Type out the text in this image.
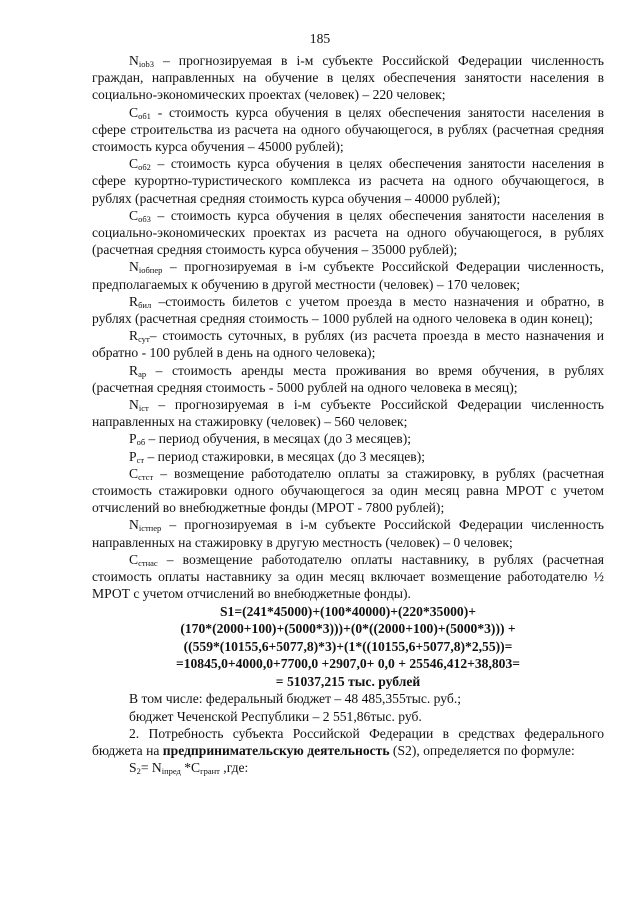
185

$N_{iob3}$ – прогнозируемая в i-м субъекте Российской Федерации численность граждан, направленных на обучение в целях обеспечения занятости населения в социально-экономических проектах (человек) – 220 человек;

$С_{об1}$ - стоимость курса обучения в целях обеспечения занятости населения в сфере строительства из расчета на одного обучающегося, в рублях (расчетная средняя стоимость курса обучения – 45000 рублей);

$С_{об2}$ – стоимость курса обучения в целях обеспечения занятости населения в сфере курортно-туристического комплекса из расчета на одного обучающегося, в рублях (расчетная средняя стоимость курса обучения – 40000 рублей);

$С_{об3}$ – стоимость курса обучения в целях обеспечения занятости населения в социально-экономических проектах из расчета на одного обучающегося, в рублях (расчетная средняя стоимость курса обучения – 35000 рублей);

$N_{iобпер}$ – прогнозируемая в i-м субъекте Российской Федерации численность, предполагаемых к обучению в другой местности (человек) – 170 человек;

$R_{бил}$ –стоимость билетов с учетом проезда в место назначения и обратно, в рублях (расчетная средняя стоимость – 1000 рублей на одного человека в один конец);

$R_{сут}-$ стоимость суточных, в рублях (из расчета проезда в место назначения и обратно - 100 рублей в день на одного человека);

$R_{ар}$ – стоимость аренды места проживания во время обучения, в рублях (расчетная средняя стоимость - 5000 рублей на одного человека в месяц);

$N_{iст}$ – прогнозируемая в i-м субъекте Российской Федерации численность направленных на стажировку (человек) – 560 человек;

$Р_{об}$ – период обучения, в месяцах (до 3 месяцев);

$Р_{ст}$ – период стажировки, в месяцах (до 3 месяцев);

$С_{стст}$ – возмещение работодателю оплаты за стажировку, в рублях (расчетная стоимость стажировки одного обучающегося за один месяц равна МРОТ с учетом отчислений во внебюджетные фонды (МРОТ - 7800 рублей);

$N_{iстпер}$ – прогнозируемая в i-м субъекте Российской Федерации численность направленных на стажировку в другую местность (человек) – 0 человек;

$С_{стнас}$ – возмещение работодателю оплаты наставнику, в рублях (расчетная стоимость оплаты наставнику за один месяц включает возмещение работодателю ½ МРОТ с учетом отчислений во внебюджетные фонды).

S1=(241*45000)+(100*40000)+(220*35000)+

(170*(2000+100)+(5000*3)))+(0*((2000+100)+(5000*3))) +

((559*(10155,6+5077,8)*3)+(1*((10155,6+5077,8)*2,55))=

=10845,0+4000,0+7700,0 +2907,0+ 0,0 + 25546,412+38,803=

= 51037,215 тыс. рублей

В том числе: федеральный бюджет – 48 485,355тыс. руб.;

бюджет Чеченской Республики – 2 551,86тыс. руб.

2. Потребность субъекта Российской Федерации в средствах федерального бюджета на предпринимательскую деятельность (S2), определяется по формуле:

$S_2= N_{iпред}$ $*С_{грант}$ ,где:
